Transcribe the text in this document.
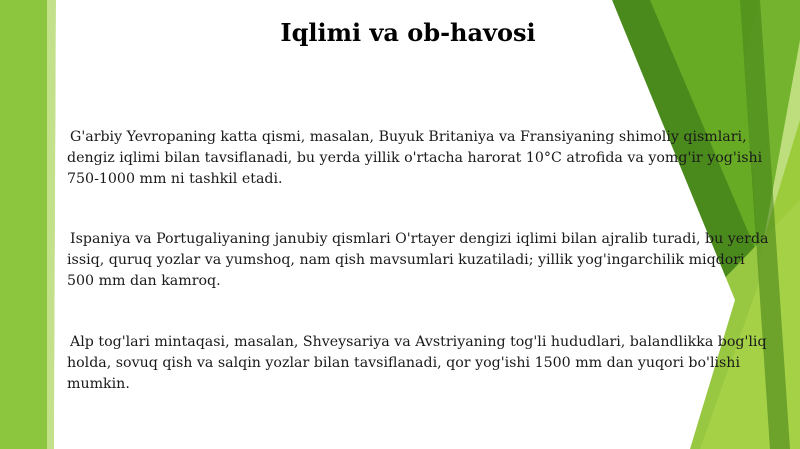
Iqlimi va ob-havosi

G'arbiy Yevropaning katta qismi, masalan, Buyuk Britaniya va Fransiyaning shimoliy qismlari, dengiz iqlimi bilan tavsiflanadi, bu yerda yillik o'rtacha harorat 10°C atrofida va yomg'ir yog'ishi 750-1000 mm ni tashkil etadi.

Ispaniya va Portugaliyaning janubiy qismlari O'rtayer dengizi iqlimi bilan ajralib turadi, bu yerda issiq, quruq yozlar va yumshoq, nam qish mavsumlari kuzatiladi; yillik yog'ingarchilik miqdori 500 mm dan kamroq.

Alp tog'lari mintaqasi, masalan, Shveysariya va Avstriyaning tog'li hududlari, balandlikka bog'liq holda, sovuq qish va salqin yozlar bilan tavsiflanadi, qor yog'ishi 1500 mm dan yuqori bo'lishi mumkin.
